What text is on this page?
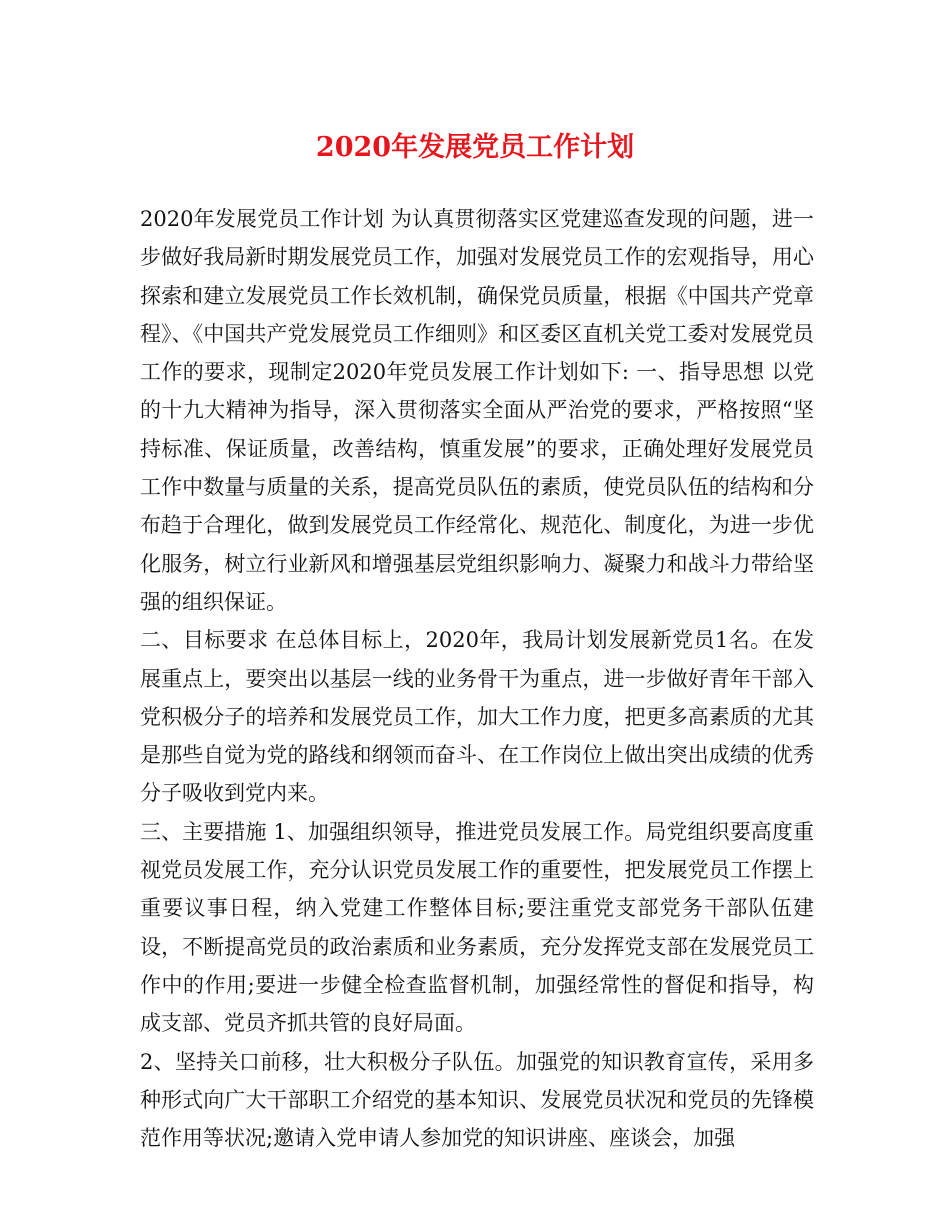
2020年发展党员工作计划

2020年发展党员工作计划 为认真贯彻落实区党建巡查发现的问题，进一步做好我局新时期发展党员工作，加强对发展党员工作的宏观指导，用心探索和建立发展党员工作长效机制，确保党员质量，根据《中国共产党章程》、《中国共产党发展党员工作细则》和区委区直机关党工委对发展党员工作的要求，现制定2020年党员发展工作计划如下: 一、指导思想 以党的十九大精神为指导，深入贯彻落实全面从严治党的要求，严格按照“坚持标准、保证质量，改善结构，慎重发展”的要求，正确处理好发展党员工作中数量与质量的关系，提高党员队伍的素质，使党员队伍的结构和分布趋于合理化，做到发展党员工作经常化、规范化、制度化，为进一步优化服务，树立行业新风和增强基层党组织影响力、凝聚力和战斗力带给坚强的组织保证。

二、目标要求 在总体目标上，2020年，我局计划发展新党员1名。在发展重点上，要突出以基层一线的业务骨干为重点，进一步做好青年干部入党积极分子的培养和发展党员工作，加大工作力度，把更多高素质的尤其是那些自觉为党的路线和纲领而奋斗、在工作岗位上做出突出成绩的优秀分子吸收到党内来。

三、主要措施 1、加强组织领导，推进党员发展工作。局党组织要高度重视党员发展工作，充分认识党员发展工作的重要性，把发展党员工作摆上重要议事日程，纳入党建工作整体目标;要注重党支部党务干部队伍建设，不断提高党员的政治素质和业务素质，充分发挥党支部在发展党员工作中的作用;要进一步健全检查监督机制，加强经常性的督促和指导，构成支部、党员齐抓共管的良好局面。

2、坚持关口前移，壮大积极分子队伍。加强党的知识教育宣传，采用多种形式向广大干部职工介绍党的基本知识、发展党员状况和党员的先锋模范作用等状况;邀请入党申请人参加党的知识讲座、座谈会，加强
